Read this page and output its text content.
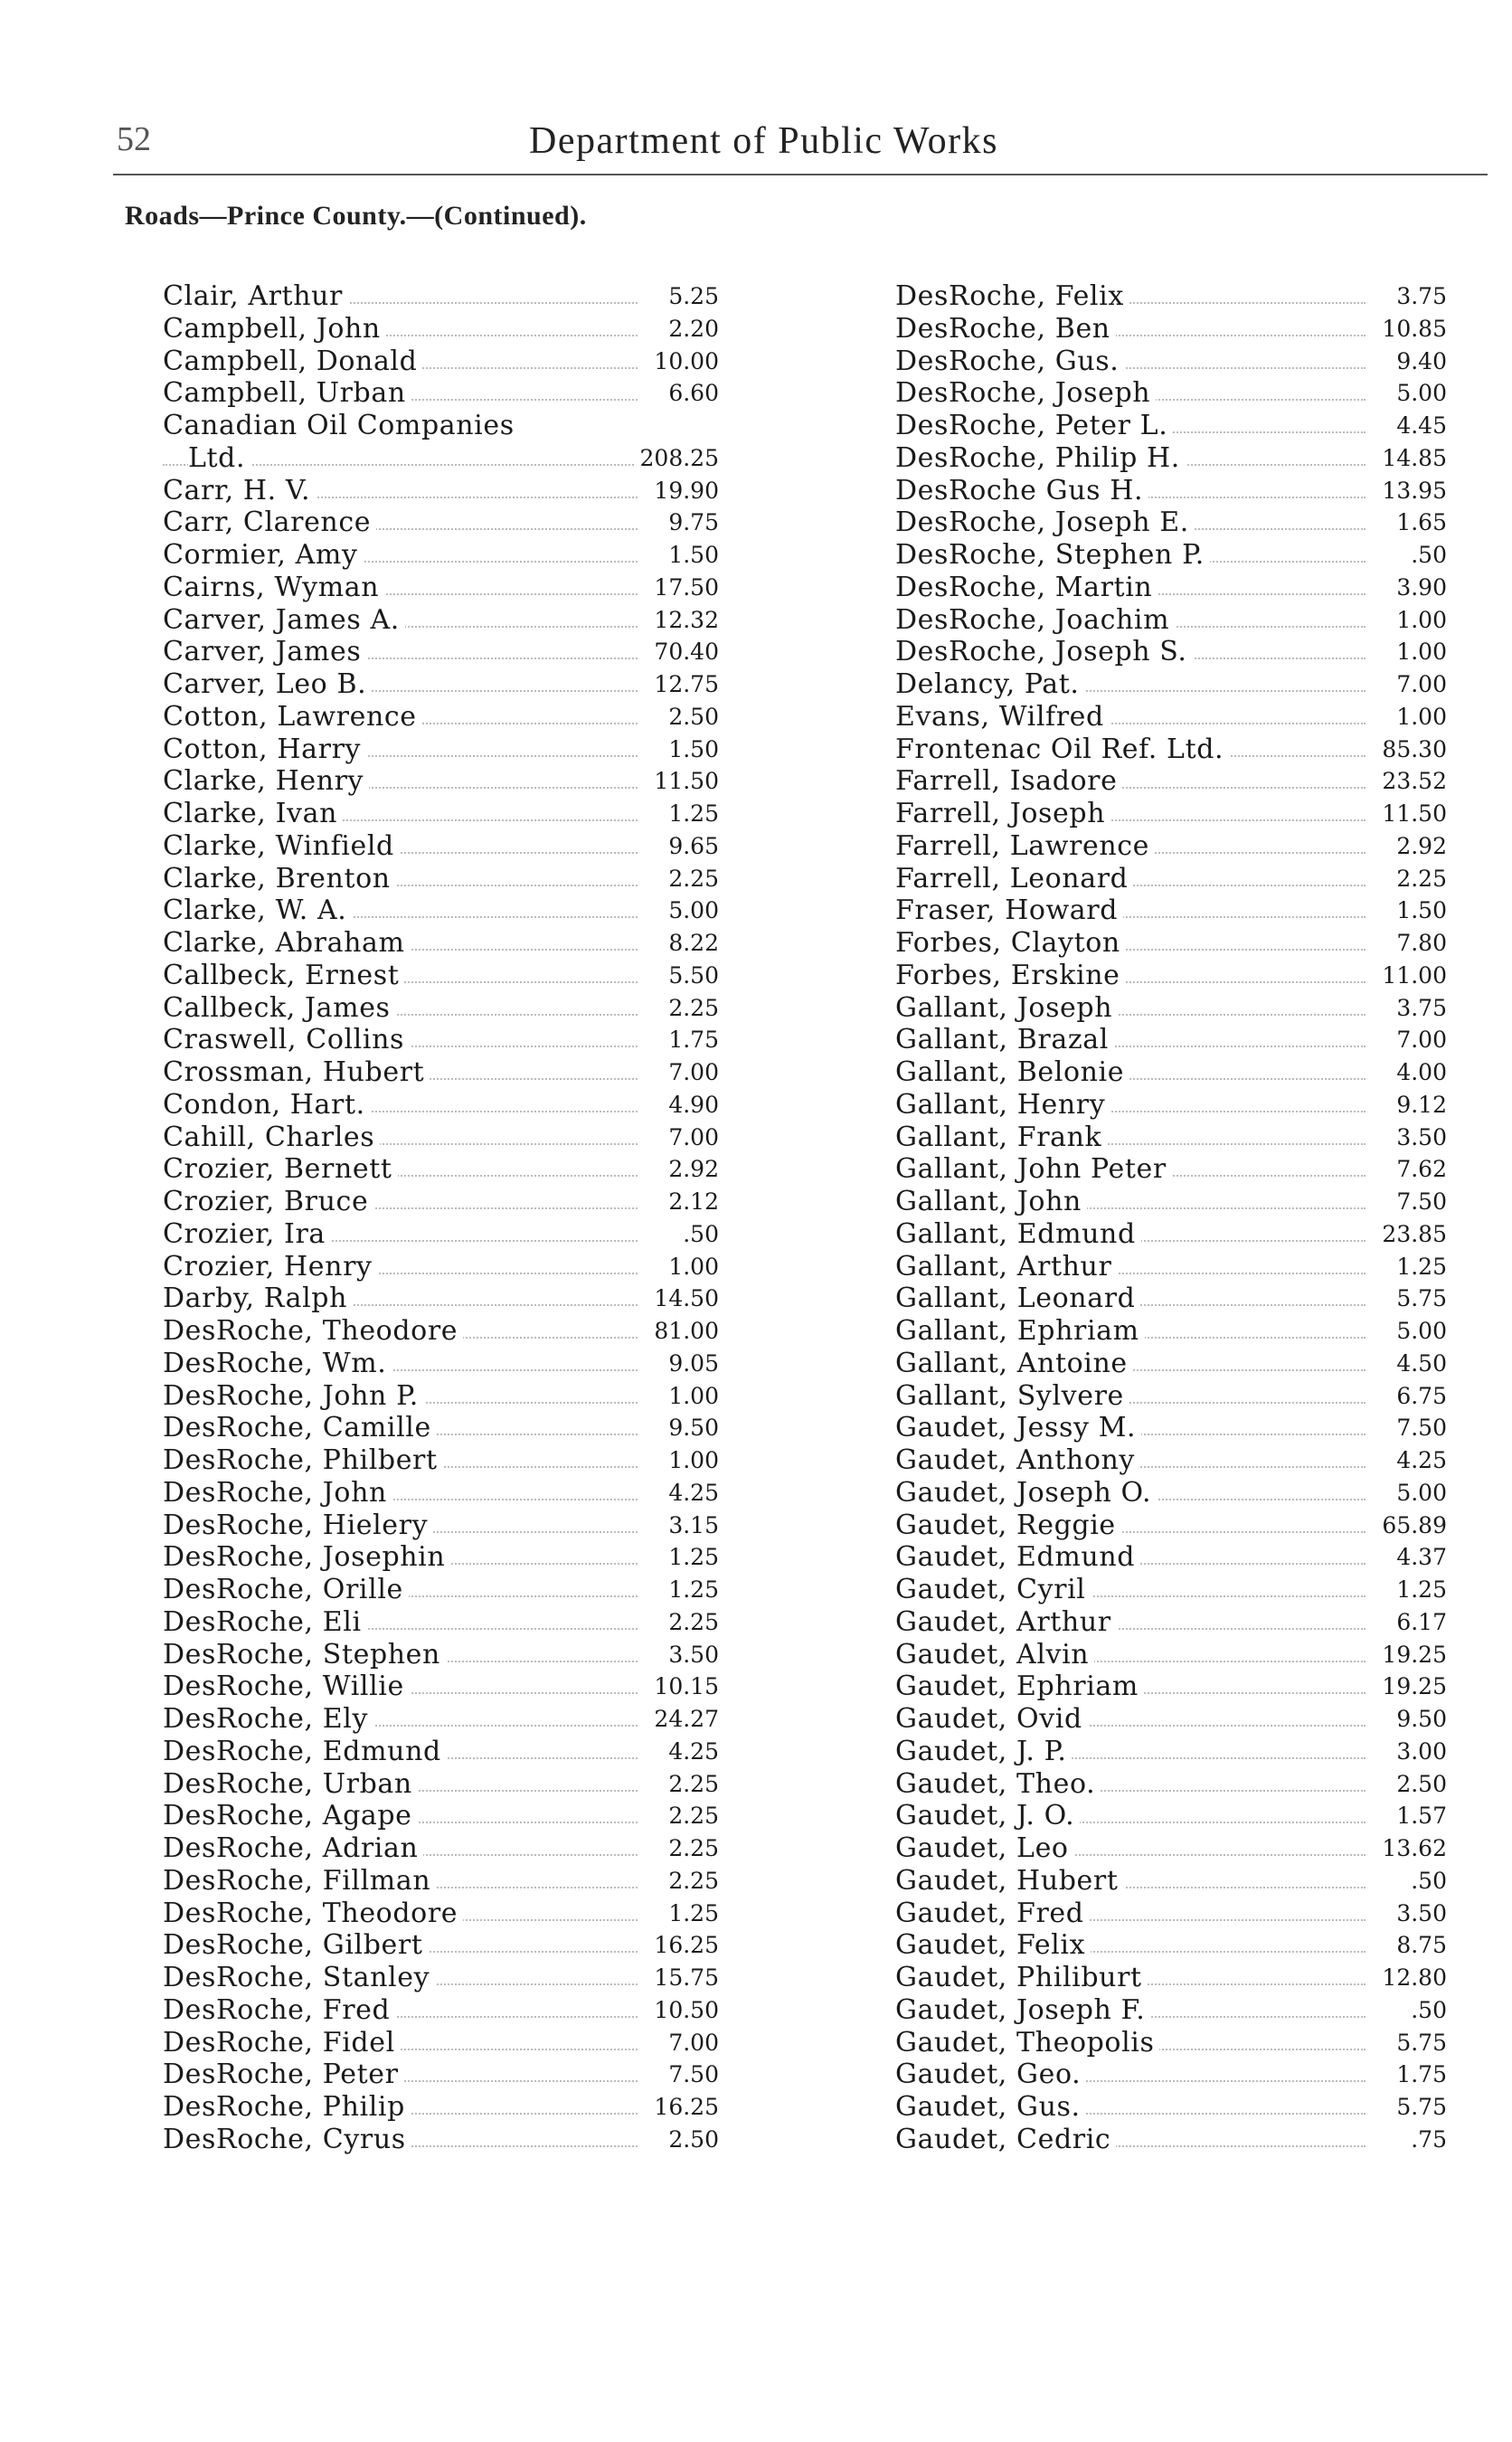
52	Department of Public Works
Roads—Prince County.—(Continued).
Clair, Arthur	5.25
Campbell, John	2.20
Campbell, Donald	10.00
Campbell, Urban	6.60
Canadian Oil Companies
Ltd.	208.25
Carr, H. V.	19.90
Carr, Clarence	9.75
Cormier, Amy	1.50
Cairns, Wyman	17.50
Carver, James A.	12.32
Carver, James	70.40
Carver, Leo B.	12.75
Cotton, Lawrence	2.50
Cotton, Harry	1.50
Clarke, Henry	11.50
Clarke, Ivan	1.25
Clarke, Winfield	9.65
Clarke, Brenton	2.25
Clarke, W. A.	5.00
Clarke, Abraham	8.22
Callbeck, Ernest	5.50
Callbeck, James	2.25
Craswell, Collins	1.75
Crossman, Hubert	7.00
Condon, Hart.	4.90
Cahill, Charles	7.00
Crozier, Bernett	2.92
Crozier, Bruce	2.12
Crozier, Ira	.50
Crozier, Henry	1.00
Darby, Ralph	14.50
DesRoche, Theodore	81.00
DesRoche, Wm.	9.05
DesRoche, John P.	1.00
DesRoche, Camille	9.50
DesRoche, Philbert	1.00
DesRoche, John	4.25
DesRoche, Hielery	3.15
DesRoche, Josephin	1.25
DesRoche, Orille	1.25
DesRoche, Eli	2.25
DesRoche, Stephen	3.50
DesRoche, Willie	10.15
DesRoche, Ely	24.27
DesRoche, Edmund	4.25
DesRoche, Urban	2.25
DesRoche, Agape	2.25
DesRoche, Adrian	2.25
DesRoche, Fillman	2.25
DesRoche, Theodore	1.25
DesRoche, Gilbert	16.25
DesRoche, Stanley	15.75
DesRoche, Fred	10.50
DesRoche, Fidel	7.00
DesRoche, Peter	7.50
DesRoche, Philip	16.25
DesRoche, Cyrus	2.50
DesRoche, Felix	3.75
DesRoche, Ben	10.85
DesRoche, Gus.	9.40
DesRoche, Joseph	5.00
DesRoche, Peter L.	4.45
DesRoche, Philip H.	14.85
DesRoche Gus H.	13.95
DesRoche, Joseph E.	1.65
DesRoche, Stephen P.	.50
DesRoche, Martin	3.90
DesRoche, Joachim	1.00
DesRoche, Joseph S.	1.00
Delancy, Pat.	7.00
Evans, Wilfred	1.00
Frontenac Oil Ref. Ltd.	85.30
Farrell, Isadore	23.52
Farrell, Joseph	11.50
Farrell, Lawrence	2.92
Farrell, Leonard	2.25
Fraser, Howard	1.50
Forbes, Clayton	7.80
Forbes, Erskine	11.00
Gallant, Joseph	3.75
Gallant, Brazal	7.00
Gallant, Belonie	4.00
Gallant, Henry	9.12
Gallant, Frank	3.50
Gallant, John Peter	7.62
Gallant, John	7.50
Gallant, Edmund	23.85
Gallant, Arthur	1.25
Gallant, Leonard	5.75
Gallant, Ephriam	5.00
Gallant, Antoine	4.50
Gallant, Sylvere	6.75
Gaudet, Jessy M.	7.50
Gaudet, Anthony	4.25
Gaudet, Joseph O.	5.00
Gaudet, Reggie	65.89
Gaudet, Edmund	4.37
Gaudet, Cyril	1.25
Gaudet, Arthur	6.17
Gaudet, Alvin	19.25
Gaudet, Ephriam	19.25
Gaudet, Ovid	9.50
Gaudet, J. P.	3.00
Gaudet, Theo.	2.50
Gaudet, J. O.	1.57
Gaudet, Leo	13.62
Gaudet, Hubert	.50
Gaudet, Fred	3.50
Gaudet, Felix	8.75
Gaudet, Philiburt	12.80
Gaudet, Joseph F.	.50
Gaudet, Theopolis	5.75
Gaudet, Geo.	1.75
Gaudet, Gus.	5.75
Gaudet, Cedric	.75
